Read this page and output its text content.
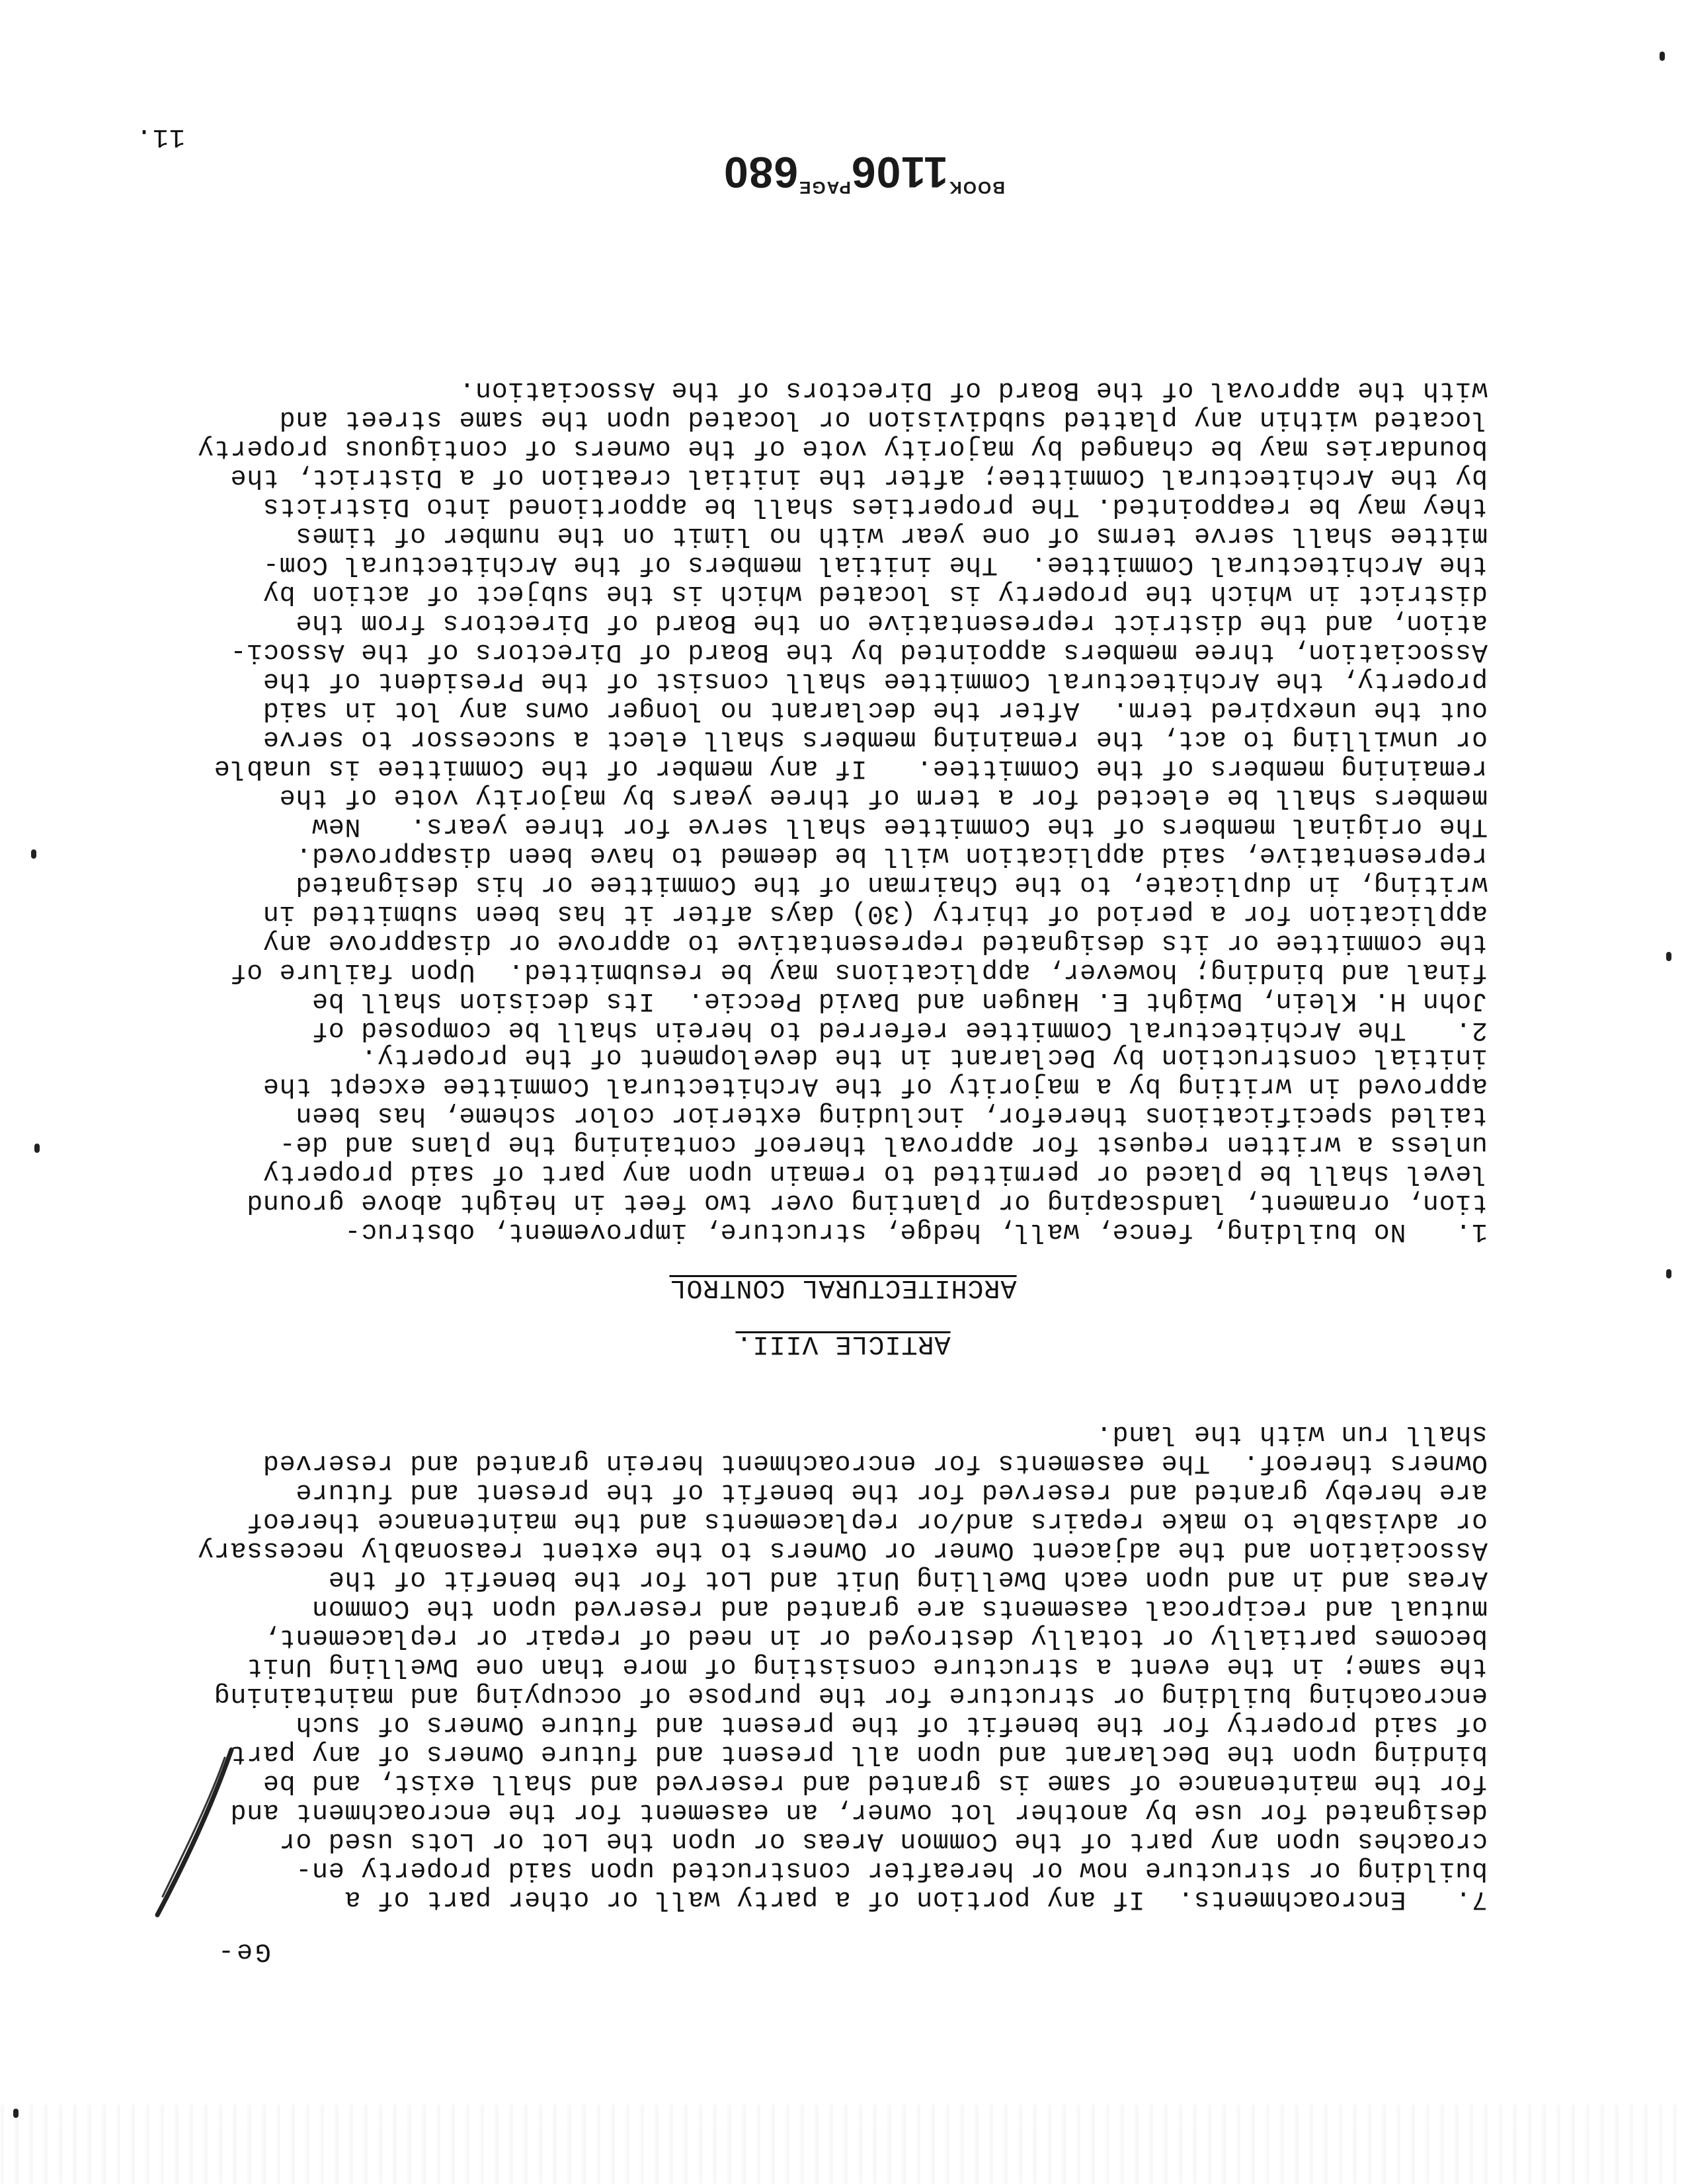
Ge-
7.   Encroachments.  If any portion of a party wall or other part of a
building or structure now or hereafter constructed upon said property en-
croaches upon any part of the Common Areas or upon the Lot or Lots used or
designated for use by another lot owner, an easement for the encroachment and
for the maintenance of same is granted and reserved and shall exist, and be
binding upon the Declarant and upon all present and future Owners of any part
of said property for the benefit of the present and future Owners of such
encroaching building or structure for the purpose of occupying and maintaining
the same; in the event a structure consisting of more than one Dwelling Unit
becomes partially or totally destroyed or in need of repair or replacement,
mutual and reciprocal easements are granted and reserved upon the Common
Areas and in and upon each Dwelling Unit and Lot for the benefit of the
Association and the adjacent Owner or Owners to the extent reasonably necessary
or advisable to make repairs and/or replacements and the maintenance thereof
are hereby granted and reserved for the benefit of the present and future
Owners thereof.  The easements for encroachment herein granted and reserved
shall run with the land.
ARTICLE VIII.
ARCHITECTURAL CONTROL
1.   No building, fence, wall, hedge, structure, improvement, obstruc-
tion, ornament, landscaping or planting over two feet in height above ground
level shall be placed or permitted to remain upon any part of said property
unless a written request for approval thereof containing the plans and de-
tailed specifications therefor, including exterior color scheme, has been
approved in writing by a majority of the Architectural Committee except the
initial construction by Declarant in the development of the property.
2.   The Architectural Committee referred to herein shall be composed of
John H. Klein, Dwight E. Haugen and David Peccie.  Its decision shall be
final and binding; however, applications may be resubmitted.  Upon failure of
the committee or its designated representative to approve or disapprove any
application for a period of thirty (30) days after it has been submitted in
writing, in duplicate, to the Chairman of the Committee or his designated
representative, said application will be deemed to have been disapproved.
The original members of the Committee shall serve for three years.   New
members shall be elected for a term of three years by majority vote of the
remaining members of the Committee.   If any member of the Committee is unable
or unwilling to act, the remaining members shall elect a successor to serve
out the unexpired term.  After the declarant no longer owns any lot in said
property, the Architectural Committee shall consist of the President of the
Association, three members appointed by the Board of Directors of the Associ-
ation, and the district representative on the Board of Directors from the
district in which the property is located which is the subject of action by
the Architectural Committee.  The initial members of the Architectural Com-
mittee shall serve terms of one year with no limit on the number of times
they may be reappointed. The properties shall be apportioned into Districts
by the Architectural Committee; after the initial creation of a District, the
boundaries may be changed by majority vote of the owners of contiguous property
located within any platted subdivision or located upon the same street and
with the approval of the Board of Directors of the Association.
BOOK1106PAGE680
11.
